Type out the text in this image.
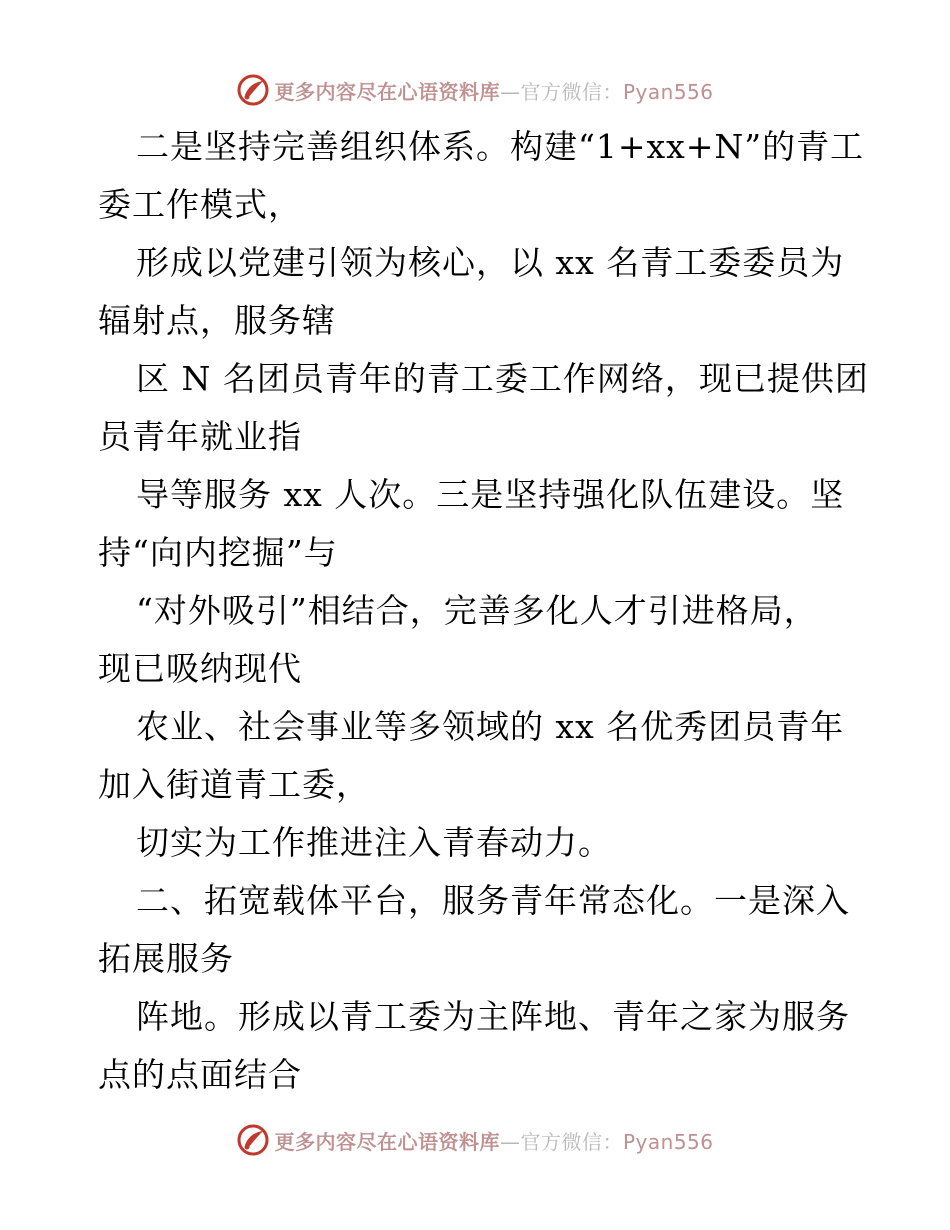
更多内容尽在心语资料库—官方微信：Pyan556
二是坚持完善组织体系。构建“1+xx+N”的青工
委工作模式，
形成以党建引领为核心，以 xx 名青工委委员为
辐射点，服务辖
区 N 名团员青年的青工委工作网络，现已提供团
员青年就业指
导等服务 xx 人次。三是坚持强化队伍建设。坚
持“向内挖掘”与
“对外吸引”相结合，完善多化人才引进格局，
现已吸纳现代
农业、社会事业等多领域的 xx 名优秀团员青年
加入街道青工委，
切实为工作推进注入青春动力。
二、拓宽载体平台，服务青年常态化。一是深入
拓展服务
阵地。形成以青工委为主阵地、青年之家为服务
点的点面结合
更多内容尽在心语资料库—官方微信：Pyan556
